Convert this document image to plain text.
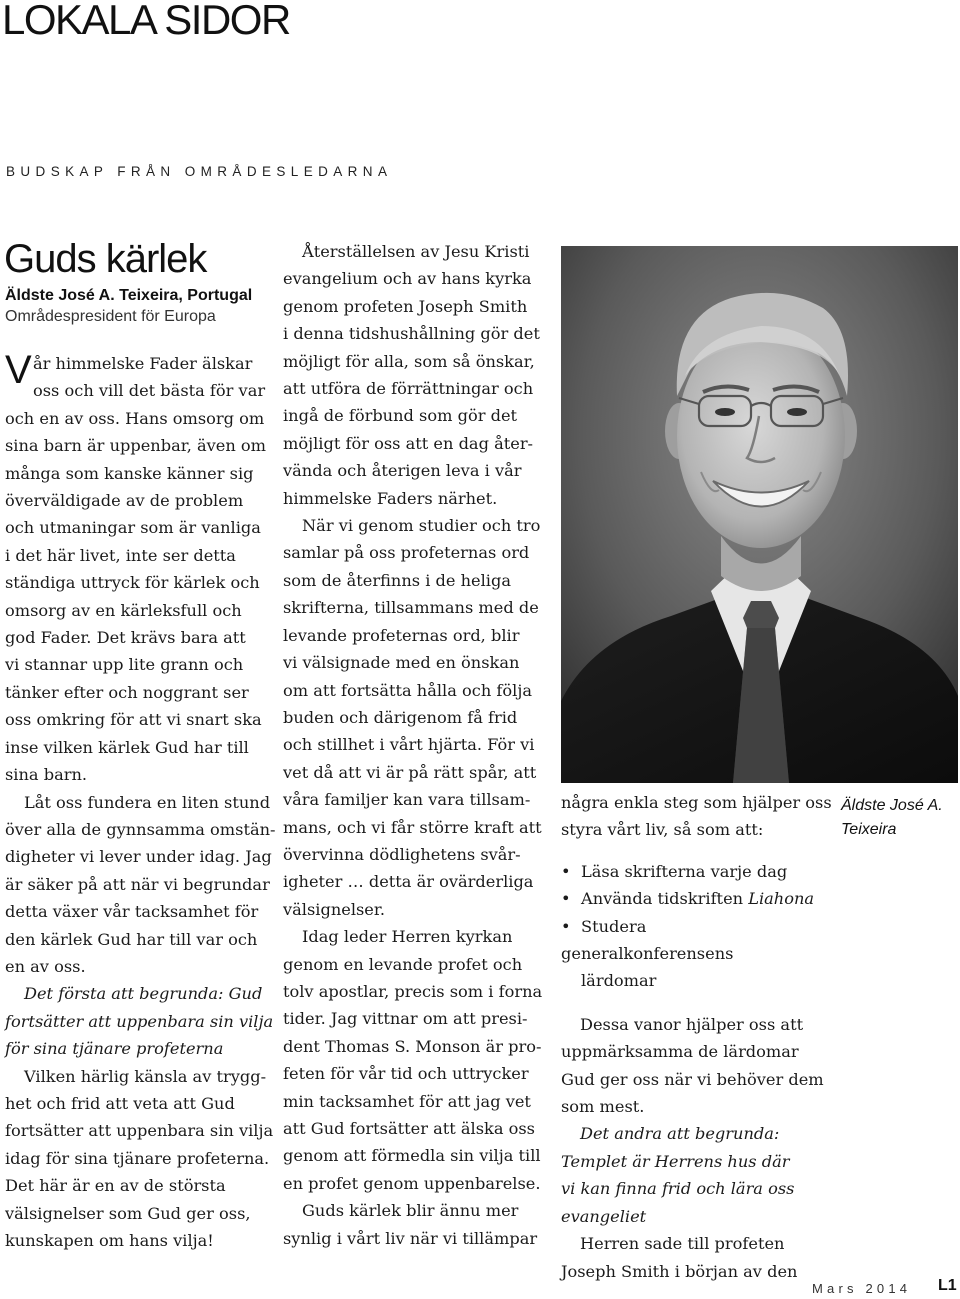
LOKALA SIDOR
BUDSKAP FRÅN OMRÅDESLEDARNA
Guds kärlek
Äldste José A. Teixeira, Portugal
Områdespresident för Europa
V år himmelske Fader älskar
oss och vill det bästa för var
och en av oss. Hans omsorg om
sina barn är uppenbar, även om
många som kanske känner sig
överväldigade av de problem
och utmaningar som är vanliga
i det här livet, inte ser detta
ständiga uttryck för kärlek och
omsorg av en kärleksfull och
god Fader. Det krävs bara att
vi stannar upp lite grann och
tänker efter och noggrant ser
oss omkring för att vi snart ska
inse vilken kärlek Gud har till
sina barn.
Låt oss fundera en liten stund
över alla de gynnsamma omstän-
digheter vi lever under idag. Jag
är säker på att när vi begrundar
detta växer vår tacksamhet för
den kärlek Gud har till var och
en av oss.
Det första att begrunda: Gud
fortsätter att uppenbara sin vilja
för sina tjänare profeterna
Vilken härlig känsla av trygg-
het och frid att veta att Gud
fortsätter att uppenbara sin vilja
idag för sina tjänare profeterna.
Det här är en av de största
välsignelser som Gud ger oss,
kunskapen om hans vilja!
Återställelsen av Jesu Kristi
evangelium och av hans kyrka
genom profeten Joseph Smith
i denna tidshushållning gör det
möjligt för alla, som så önskar,
att utföra de förrättningar och
ingå de förbund som gör det
möjligt för oss att en dag åter-
vända och återigen leva i vår
himmelske Faders närhet.
När vi genom studier och tro
samlar på oss profeternas ord
som de återfinns i de heliga
skrifterna, tillsammans med de
levande profeternas ord, blir
vi välsignade med en önskan
om att fortsätta hålla och följa
buden och därigenom få frid
och stillhet i vårt hjärta. För vi
vet då att vi är på rätt spår, att
våra familjer kan vara tillsam-
mans, och vi får större kraft att
övervinna dödlighetens svår-
igheter … detta är ovärderliga
välsignelser.
Idag leder Herren kyrkan
genom en levande profet och
tolv apostlar, precis som i forna
tider. Jag vittnar om att presi-
dent Thomas S. Monson är pro-
feten för vår tid och uttrycker
min tacksamhet för att jag vet
att Gud fortsätter att älska oss
genom att förmedla sin vilja till
en profet genom uppenbarelse.
Guds kärlek blir ännu mer
synlig i vårt liv när vi tillämpar
Äldste José A.
Teixeira
några enkla steg som hjälper oss
styra vårt liv, så som att:
• Läsa skrifterna varje dag
• Använda tidskriften Liahona
• Studera generalkonferensens
lärdomar
Dessa vanor hjälper oss att
uppmärksamma de lärdomar
Gud ger oss när vi behöver dem
som mest.
Det andra att begrunda:
Templet är Herrens hus där
vi kan finna frid och lära oss
evangeliet
Herren sade till profeten
Joseph Smith i början av den
Mars 2014 L1
